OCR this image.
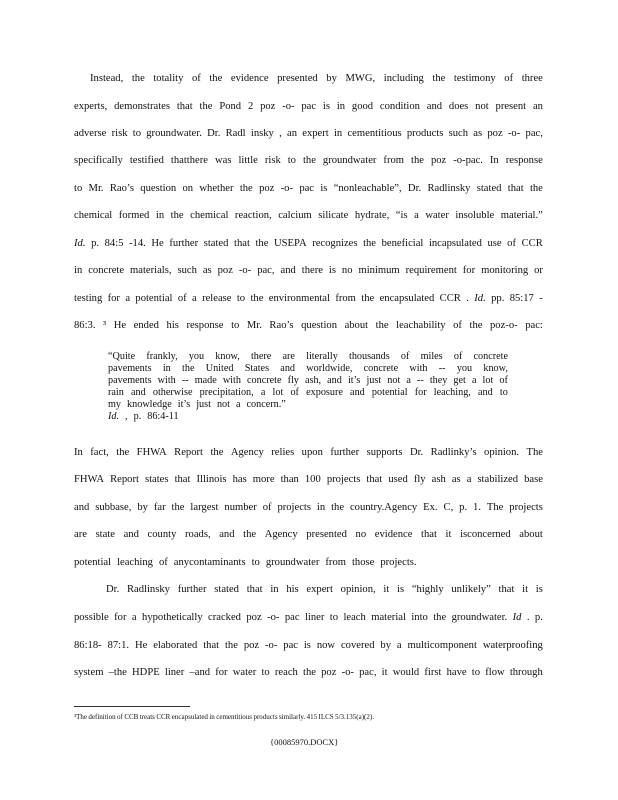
Instead, the totality of the evidence presented by MWG, including the testimony of three
experts, demonstrates that the Pond 2 poz -o- pac is in good condition and does not present an
adverse risk to groundwater. Dr. Radl insky , an expert in cementitious products such as poz -o- pac,
specifically testified thatthere was little risk to the groundwater from the poz -o-pac. In response
to Mr. Rao’s question on whether the poz -o- pac is “nonleachable”, Dr. Radlinsky stated that the
chemical formed in the chemical reaction, calcium silicate hydrate, “is a water insoluble material.”
Id. p. 84:5 -14. He further stated that the USEPA recognizes the beneficial incapsulated use of CCR
in concrete materials, such as poz -o- pac, and there is no minimum requirement for monitoring or
testing for a potential of a release to the environmental from the encapsulated CCR . Id. pp. 85:17 -
86:3. ³ He ended his response to Mr. Rao’s question about the leachability of the poz-o- pac:
“Quite frankly, you know, there are literally thousands of miles of concrete
pavements in the United States and worldwide, concrete with -- you know,
pavements with -- made with concrete fly ash, and it’s just not a -- they get a lot of
rain and otherwise precipitation, a lot of exposure and potential for leaching, and to
my knowledge it’s just not a concern.”
Id. , p. 86:4-11
In fact, the FHWA Report the Agency relies upon further supports Dr. Radlinky’s opinion. The
FHWA Report states that Illinois has more than 100 projects that used fly ash as a stabilized base
and subbase, by far the largest number of projects in the country.Agency Ex. C, p. 1. The projects
are state and county roads, and the Agency presented no evidence that it isconcerned about
potential leaching of anycontaminants to groundwater from those projects.
Dr. Radlinsky further stated that in his expert opinion, it is “highly unlikely” that it is
possible for a hypothetically cracked poz -o- pac liner to leach material into the groundwater. Id . p.
86:18- 87:1. He elaborated that the poz -o- pac is now covered by a multicomponent waterproofing
system –the HDPE liner –and for water to reach the poz -o- pac, it would first have to flow through
³The definition of CCB treats CCR encapsulated in cementitious products similarly. 415 ILCS 5/3.135(a)(2).
{00085970.DOCX}
